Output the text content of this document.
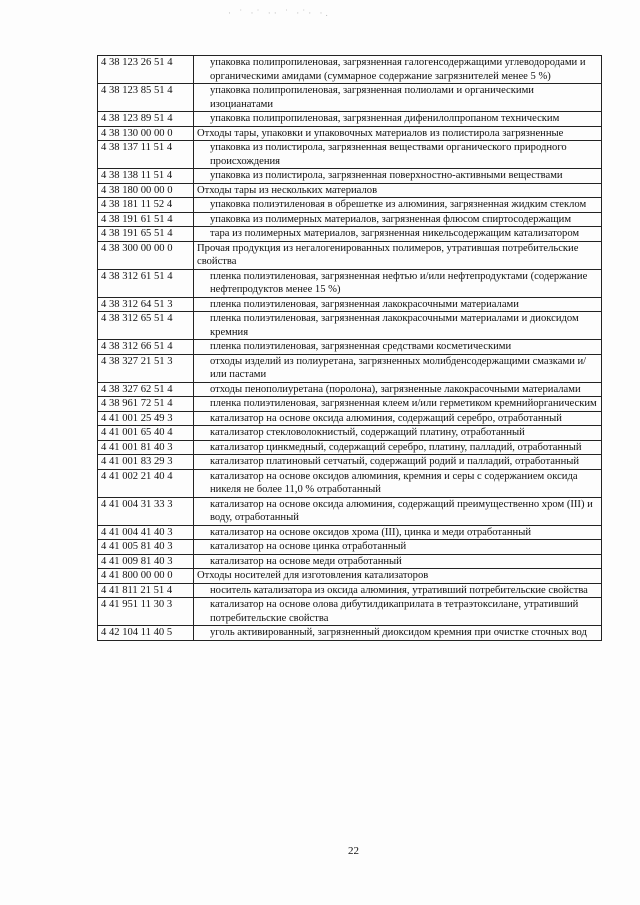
· ˙ ·˙ ·· ˙ ·˙· ·.
4 38 123 26 51 4	упаковка полипропиленовая, загрязненная галогенсодержащими углеводородами и органическими амидами (суммарное содержание загрязнителей менее 5 %)
4 38 123 85 51 4	упаковка полипропиленовая, загрязненная полиолами и органическими изоцианатами
4 38 123 89 51 4	упаковка полипропиленовая, загрязненная дифенилолпропаном техническим
4 38 130 00 00 0	Отходы тары, упаковки и упаковочных материалов из полистирола загрязненные
4 38 137 11 51 4	упаковка из полистирола, загрязненная веществами органического природного происхождения
4 38 138 11 51 4	упаковка из полистирола, загрязненная поверхностно-активными веществами
4 38 180 00 00 0	Отходы тары из нескольких материалов
4 38 181 11 52 4	упаковка полиэтиленовая в обрешетке из алюминия, загрязненная жидким стеклом
4 38 191 61 51 4	упаковка из полимерных материалов, загрязненная флюсом спиртосодержащим
4 38 191 65 51 4	тара из полимерных материалов, загрязненная никельсодержащим катализатором
4 38 300 00 00 0	Прочая продукция из негалогенированных полимеров, утратившая потребительские свойства
4 38 312 61 51 4	пленка полиэтиленовая, загрязненная нефтью и/или нефтепродуктами (содержание нефтепродуктов менее 15 %)
4 38 312 64 51 3	пленка полиэтиленовая, загрязненная лакокрасочными материалами
4 38 312 65 51 4	пленка полиэтиленовая, загрязненная лакокрасочными материалами и диоксидом кремния
4 38 312 66 51 4	пленка полиэтиленовая, загрязненная средствами косметическими
4 38 327 21 51 3	отходы изделий из полиуретана, загрязненных молибденсодержащими смазками и/или пастами
4 38 327 62 51 4	отходы пенополиуретана (поролона), загрязненные лакокрасочными материалами
4 38 961 72 51 4	пленка полиэтиленовая, загрязненная клеем и/или герметиком кремнийорганическим
4 41 001 25 49 3	катализатор на основе оксида алюминия, содержащий серебро, отработанный
4 41 001 65 40 4	катализатор стекловолокнистый, содержащий платину, отработанный
4 41 001 81 40 3	катализатор цинкмедный, содержащий серебро, платину, палладий, отработанный
4 41 001 83 29 3	катализатор платиновый сетчатый, содержащий родий и палладий, отработанный
4 41 002 21 40 4	катализатор на основе оксидов алюминия, кремния и серы с содержанием оксида никеля не более 11,0 % отработанный
4 41 004 31 33 3	катализатор на основе оксида алюминия, содержащий преимущественно хром (III) и воду, отработанный
4 41 004 41 40 3	катализатор на основе оксидов хрома (III), цинка и меди отработанный
4 41 005 81 40 3	катализатор на основе цинка отработанный
4 41 009 81 40 3	катализатор на основе меди отработанный
4 41 800 00 00 0	Отходы носителей для изготовления катализаторов
4 41 811 21 51 4	носитель катализатора из оксида алюминия, утративший потребительские свойства
4 41 951 11 30 3	катализатор на основе олова дибутилдикаприлата в тетраэтоксилане, утративший потребительские свойства
4 42 104 11 40 5	уголь активированный, загрязненный диоксидом кремния при очистке сточных вод
22
